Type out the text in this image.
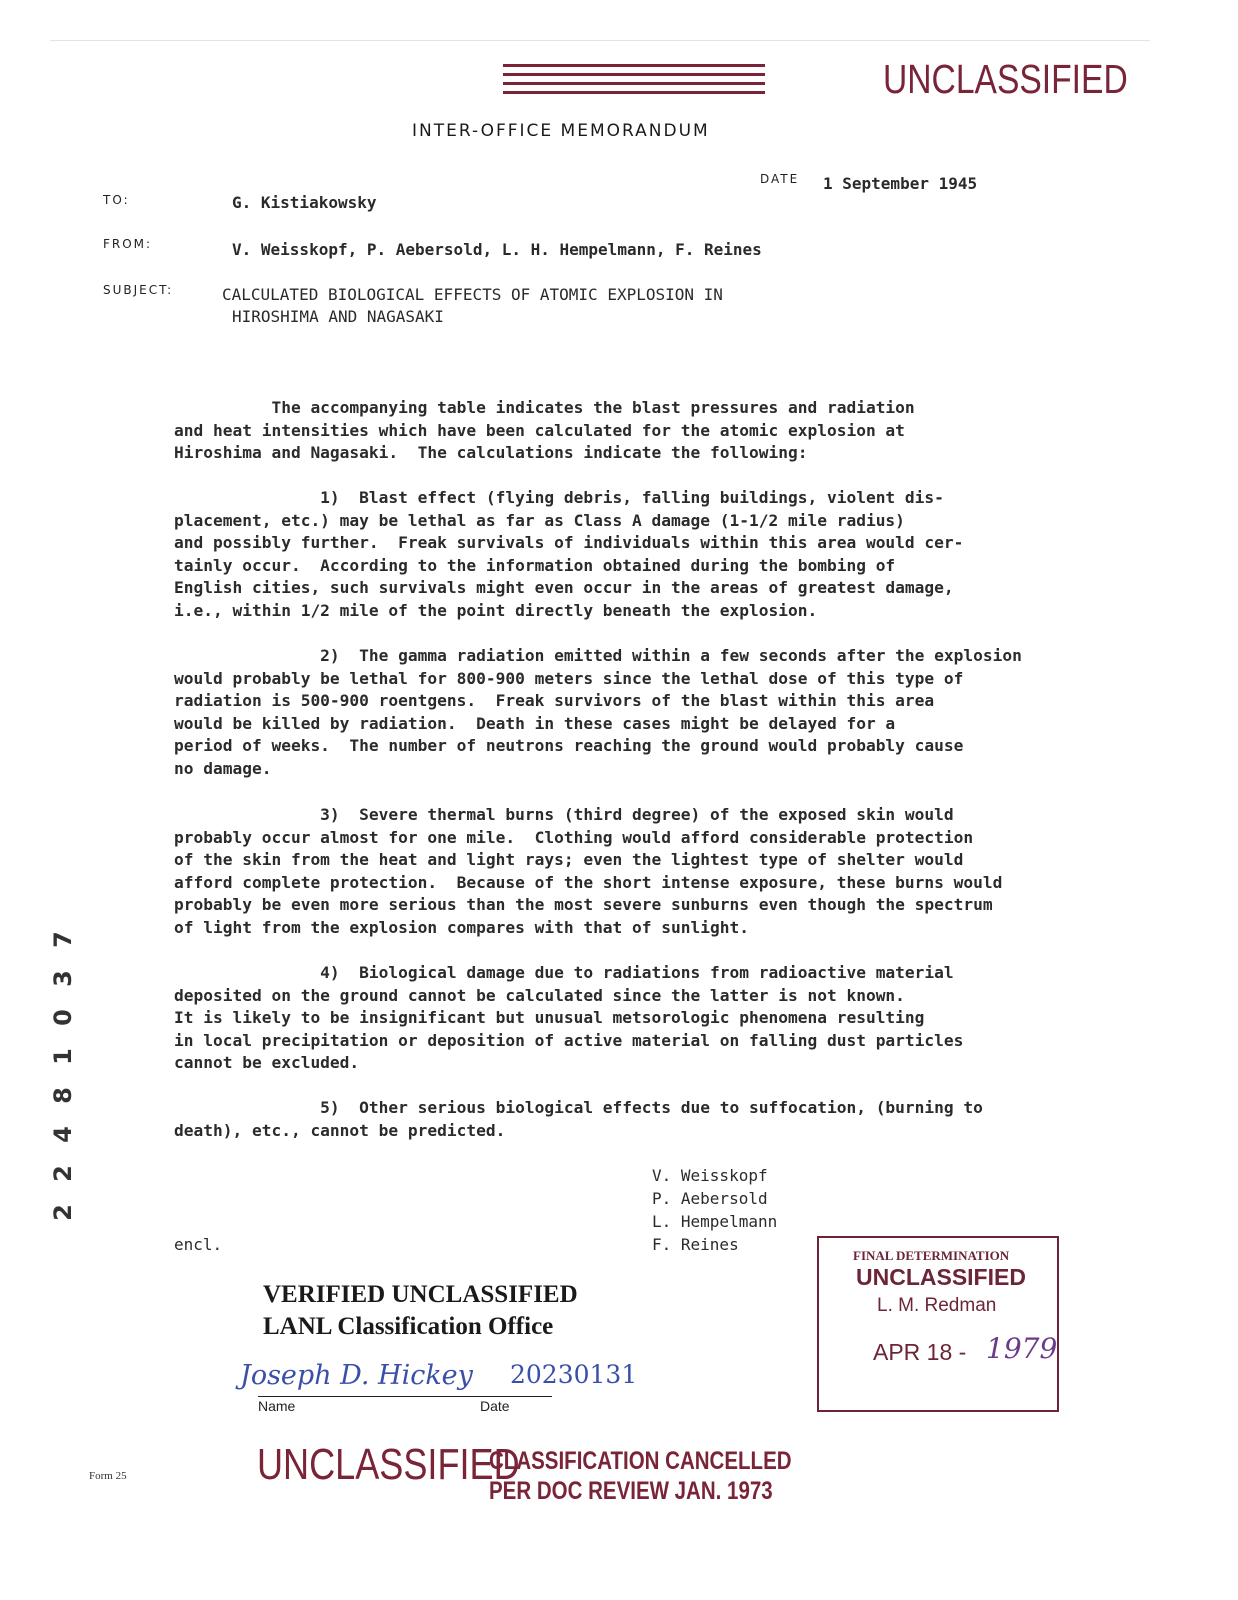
UNCLASSIFIED
INTER-OFFICE MEMORANDUM
DATE 1 September 1945
TO:	G. Kistiakowsky
FROM:	V. Weisskopf, P. Aebersold, L. H. Hempelmann, F. Reines
SUBJECT:	CALCULATED BIOLOGICAL EFFECTS OF ATOMIC EXPLOSION IN
HIROSHIMA AND NAGASAKI
The accompanying table indicates the blast pressures and radiation
and heat intensities which have been calculated for the atomic explosion at
Hiroshima and Nagasaki.  The calculations indicate the following:
1)  Blast effect (flying debris, falling buildings, violent dis-
placement, etc.) may be lethal as far as Class A damage (1-1/2 mile radius)
and possibly further.  Freak survivals of individuals within this area would cer-
tainly occur.  According to the information obtained during the bombing of
English cities, such survivals might even occur in the areas of greatest damage,
i.e., within 1/2 mile of the point directly beneath the explosion.
2)  The gamma radiation emitted within a few seconds after the explosion
would probably be lethal for 800-900 meters since the lethal dose of this type of
radiation is 500-900 roentgens.  Freak survivors of the blast within this area
would be killed by radiation.  Death in these cases might be delayed for a
period of weeks.  The number of neutrons reaching the ground would probably cause
no damage.
3)  Severe thermal burns (third degree) of the exposed skin would
probably occur almost for one mile.  Clothing would afford considerable protection
of the skin from the heat and light rays; even the lightest type of shelter would
afford complete protection.  Because of the short intense exposure, these burns would
probably be even more serious than the most severe sunburns even though the spectrum
of light from the explosion compares with that of sunlight.
4)  Biological damage due to radiations from radioactive material
deposited on the ground cannot be calculated since the latter is not known.
It is likely to be insignificant but unusual metsorologic phenomena resulting
in local precipitation or deposition of active material on falling dust particles
cannot be excluded.
5)  Other serious biological effects due to suffocation, (burning to
death), etc., cannot be predicted.
V. Weisskopf
P. Aebersold
L. Hempelmann
F. Reines
encl.
7
3
0
1
8
4
2
2
VERIFIED UNCLASSIFIED
LANL Classification Office
Joseph D. Hickey 20230131
Name	Date
FINAL DETERMINATION
UNCLASSIFIED
L. M. Redman
APR 18 - 1979
UNCLASSIFIED
CLASSIFICATION CANCELLED
PER DOC REVIEW JAN. 1973
Form 25
